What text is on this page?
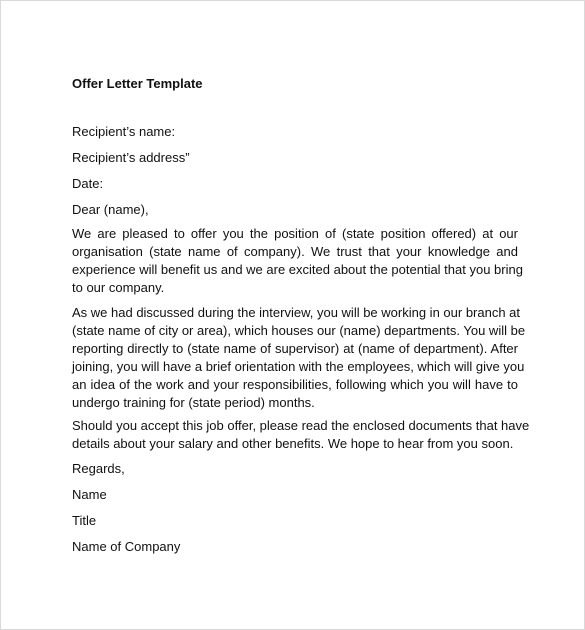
Offer Letter Template

Recipient’s name:

Recipient’s address”

Date:

Dear (name),

We are pleased to offer you the position of (state position offered) at our
organisation (state name of company). We trust that your knowledge and
experience will benefit us and we are excited about the potential that you bring
to our company.
As we had discussed during the interview, you will be working in our branch at
(state name of city or area), which houses our (name) departments. You will be
reporting directly to (state name of supervisor) at (name of department). After
joining, you will have a brief orientation with the employees, which will give you
an idea of the work and your responsibilities, following which you will have to
undergo training for (state period) months.
Should you accept this job offer, please read the enclosed documents that have
details about your salary and other benefits. We hope to hear from you soon.

Regards,

Name

Title

Name of Company
